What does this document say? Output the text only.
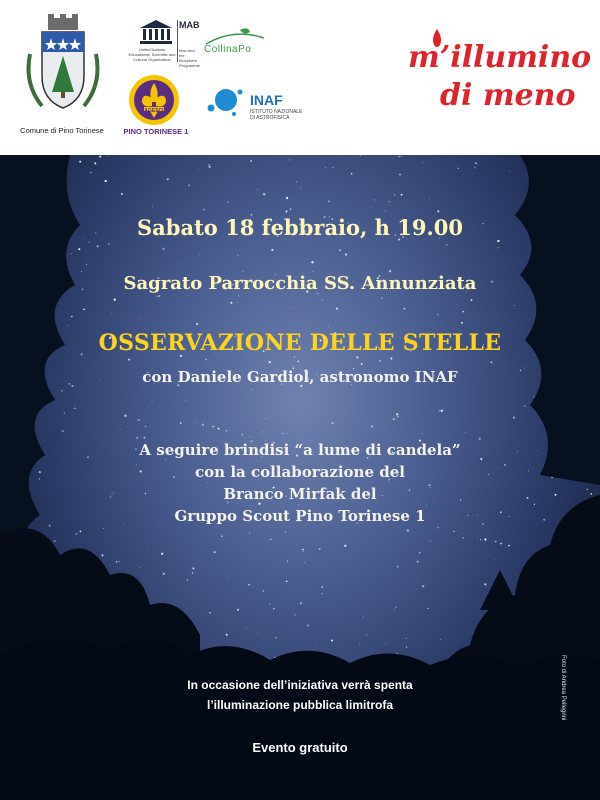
Comune di Pino Torinese
United Nations Educational, Scientific and Cultural Organization
MAB
Man and the Biosphere Programme
CollinaPo
AGESCI
PINO TORINESE 1
INAF
ISTITUTO NAZIONALE
DI ASTROFISICA
m’illumino
di meno
Sabato 18 febbraio, h 19.00
Sagrato Parrocchia SS. Annunziata
OSSERVAZIONE DELLE STELLE
con Daniele Gardiol, astronomo INAF
A seguire brindisi “a lume di candela”
con la collaborazione del
Branco Mirfak del
Gruppo Scout Pino Torinese 1
Foto di Andrea Pellegrini
In occasione dell’iniziativa verrà spenta
l’illuminazione pubblica limitrofa
Evento gratuito
